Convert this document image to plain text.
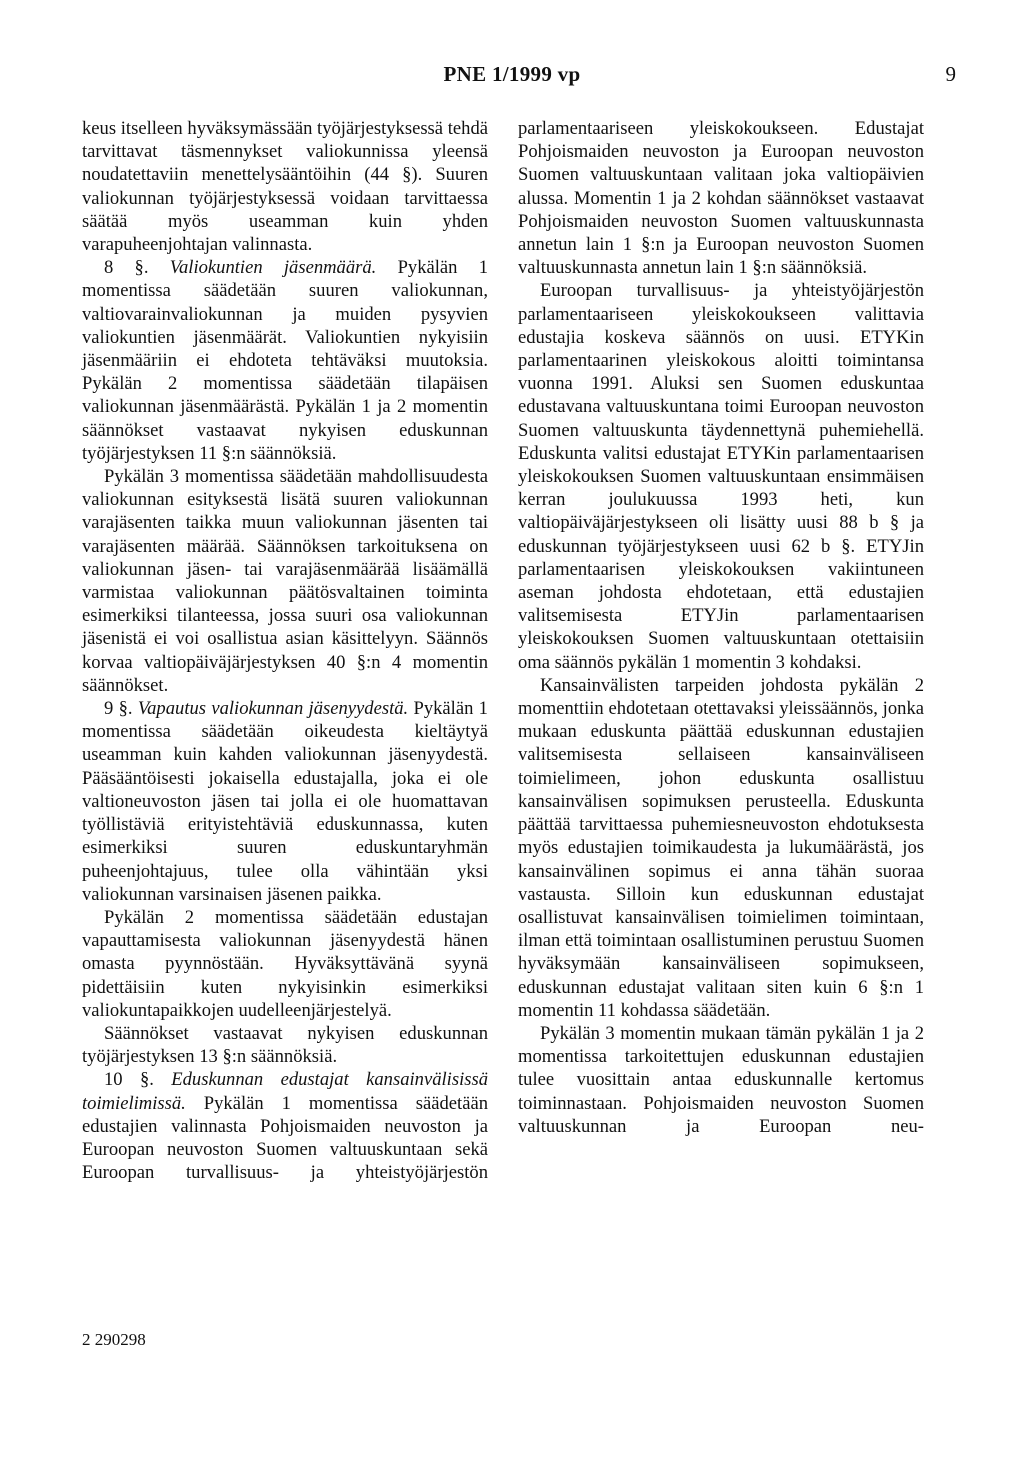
PNE 1/1999 vp	9

keus itselleen hyväksymässään työjärjestyksessä tehdä tarvittavat täsmennykset valiokunnissa yleensä noudatettaviin menettelysääntöihin (44 §). Suuren valiokunnan työjärjestyksessä voidaan tarvittaessa säätää myös useamman kuin yhden varapuheenjohtajan valinnasta.

8 §. Valiokuntien jäsenmäärä. Pykälän 1 momentissa säädetään suuren valiokunnan, valtiovarainvaliokunnan ja muiden pysyvien valiokuntien jäsenmäärät. Valiokuntien nykyisiin jäsenmääriin ei ehdoteta tehtäväksi muutoksia. Pykälän 2 momentissa säädetään tilapäisen valiokunnan jäsenmäärästä. Pykälän 1 ja 2 momentin säännökset vastaavat nykyisen eduskunnan työjärjestyksen 11 §:n säännöksiä.

Pykälän 3 momentissa säädetään mahdollisuudesta valiokunnan esityksestä lisätä suuren valiokunnan varajäsenten taikka muun valiokunnan jäsenten tai varajäsenten määrää. Säännöksen tarkoituksena on valiokunnan jäsen- tai varajäsenmäärää lisäämällä varmistaa valiokunnan päätösvaltainen toiminta esimerkiksi tilanteessa, jossa suuri osa valiokunnan jäsenistä ei voi osallistua asian käsittelyyn. Säännös korvaa valtiopäiväjärjestyksen 40 §:n 4 momentin säännökset.

9 §. Vapautus valiokunnan jäsenyydestä. Pykälän 1 momentissa säädetään oikeudesta kieltäytyä useamman kuin kahden valiokunnan jäsenyydestä. Pääsääntöisesti jokaisella edustajalla, joka ei ole valtioneuvoston jäsen tai jolla ei ole huomattavan työllistäviä erityistehtäviä eduskunnassa, kuten esimerkiksi suuren eduskuntaryhmän puheenjohtajuus, tulee olla vähintään yksi valiokunnan varsinaisen jäsenen paikka.

Pykälän 2 momentissa säädetään edustajan vapauttamisesta valiokunnan jäsenyydestä hänen omasta pyynnöstään. Hyväksyttävänä syynä pidettäisiin kuten nykyisinkin esimerkiksi valiokuntapaikkojen uudelleenjärjestelyä.

Säännökset vastaavat nykyisen eduskunnan työjärjestyksen 13 §:n säännöksiä.

10 §. Eduskunnan edustajat kansainvälisissä toimielimissä. Pykälän 1 momentissa säädetään edustajien valinnasta Pohjoismaiden neuvoston ja Euroopan neuvoston Suomen valtuuskuntaan sekä Euroopan turvallisuus- ja yhteistyöjärjestön

parlamentaariseen yleiskokoukseen. Edustajat Pohjoismaiden neuvoston ja Euroopan neuvoston Suomen valtuuskuntaan valitaan joka valtiopäivien alussa. Momentin 1 ja 2 kohdan säännökset vastaavat Pohjoismaiden neuvoston Suomen valtuuskunnasta annetun lain 1 §:n ja Euroopan neuvoston Suomen valtuuskunnasta annetun lain 1 §:n säännöksiä.

Euroopan turvallisuus- ja yhteistyöjärjestön parlamentaariseen yleiskokoukseen valittavia edustajia koskeva säännös on uusi. ETYKin parlamentaarinen yleiskokous aloitti toimintansa vuonna 1991. Aluksi sen Suomen eduskuntaa edustavana valtuuskuntana toimi Euroopan neuvoston Suomen valtuuskunta täydennettynä puhemiehellä. Eduskunta valitsi edustajat ETYKin parlamentaarisen yleiskokouksen Suomen valtuuskuntaan ensimmäisen kerran joulukuussa 1993 heti, kun valtiopäiväjärjestykseen oli lisätty uusi 88 b § ja eduskunnan työjärjestykseen uusi 62 b §. ETYJin parlamentaarisen yleiskokouksen vakiintuneen aseman johdosta ehdotetaan, että edustajien valitsemisesta ETYJin parlamentaarisen yleiskokouksen Suomen valtuuskuntaan otettaisiin oma säännös pykälän 1 momentin 3 kohdaksi.

Kansainvälisten tarpeiden johdosta pykälän 2 momenttiin ehdotetaan otettavaksi yleissäännös, jonka mukaan eduskunta päättää eduskunnan edustajien valitsemisesta sellaiseen kansainväliseen toimielimeen, johon eduskunta osallistuu kansainvälisen sopimuksen perusteella. Eduskunta päättää tarvittaessa puhemiesneuvoston ehdotuksesta myös edustajien toimikaudesta ja lukumäärästä, jos kansainvälinen sopimus ei anna tähän suoraa vastausta. Silloin kun eduskunnan edustajat osallistuvat kansainvälisen toimielimen toimintaan, ilman että toimintaan osallistuminen perustuu Suomen hyväksymään kansainväliseen sopimukseen, eduskunnan edustajat valitaan siten kuin 6 §:n 1 momentin 11 kohdassa säädetään.

Pykälän 3 momentin mukaan tämän pykälän 1 ja 2 momentissa tarkoitettujen eduskunnan edustajien tulee vuosittain antaa eduskunnalle kertomus toiminnastaan. Pohjoismaiden neuvoston Suomen valtuuskunnan ja Euroopan neu-

2 290298
